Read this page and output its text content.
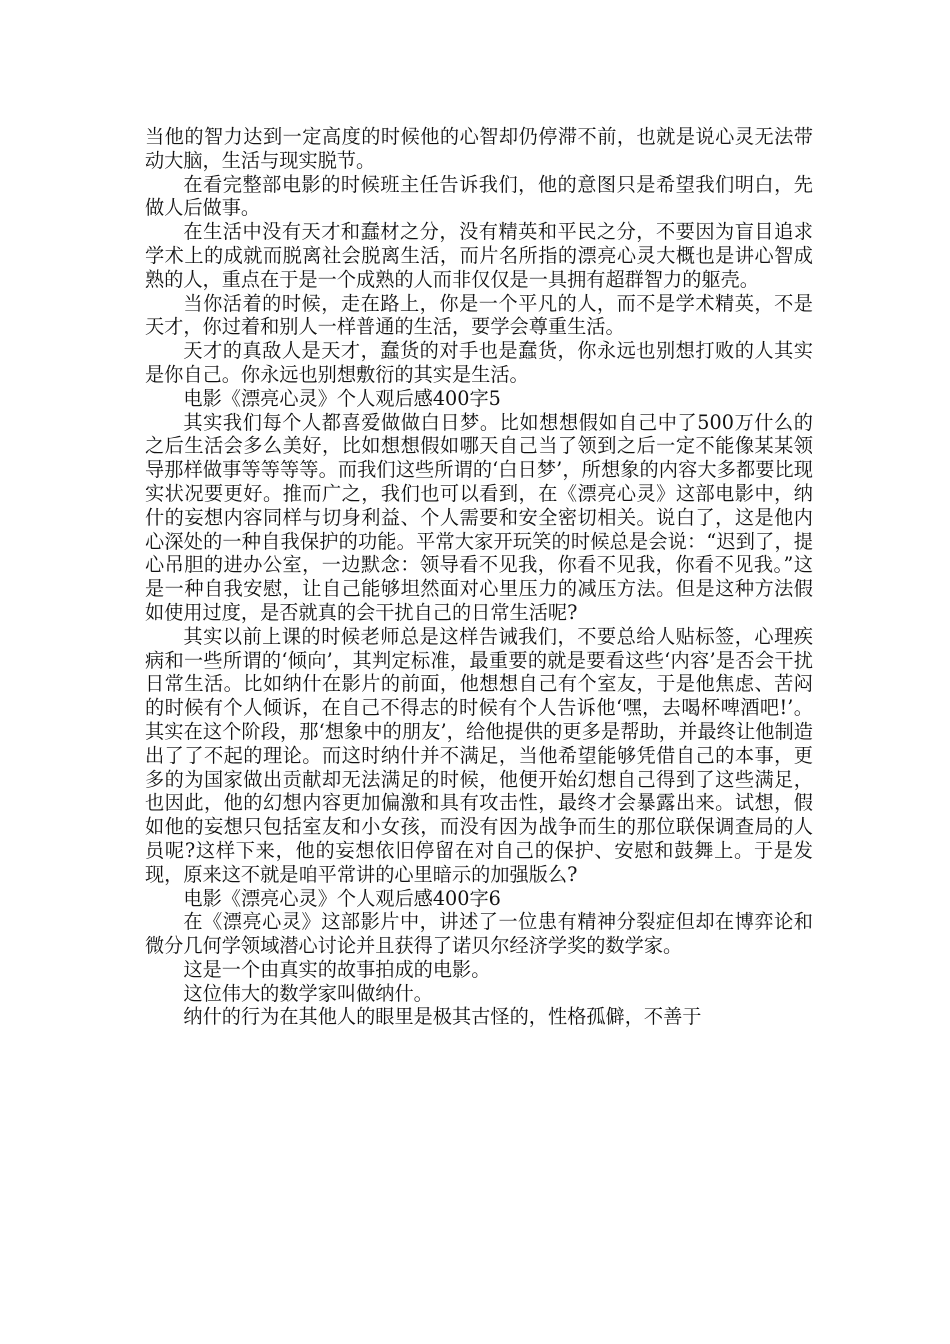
当他的智力达到一定高度的时候他的心智却仍停滞不前，也就是说心灵无法带动大脑，生活与现实脱节。

在看完整部电影的时候班主任告诉我们，他的意图只是希望我们明白，先做人后做事。

在生活中没有天才和蠢材之分，没有精英和平民之分，不要因为盲目追求学术上的成就而脱离社会脱离生活，而片名所指的漂亮心灵大概也是讲心智成熟的人，重点在于是一个成熟的人而非仅仅是一具拥有超群智力的躯壳。

当你活着的时候，走在路上，你是一个平凡的人，而不是学术精英，不是天才，你过着和别人一样普通的生活，要学会尊重生活。

天才的真敌人是天才，蠢货的对手也是蠢货，你永远也别想打败的人其实是你自己。你永远也别想敷衍的其实是生活。

电影《漂亮心灵》个人观后感400字5

其实我们每个人都喜爱做做白日梦。比如想想假如自己中了500万什么的之后生活会多么美好，比如想想假如哪天自己当了领到之后一定不能像某某领导那样做事等等等等。而我们这些所谓的‘白日梦’，所想象的内容大多都要比现实状况要更好。推而广之，我们也可以看到，在《漂亮心灵》这部电影中，纳什的妄想内容同样与切身利益、个人需要和安全密切相关。说白了，这是他内心深处的一种自我保护的功能。平常大家开玩笑的时候总是会说：“迟到了，提心吊胆的进办公室，一边默念：领导看不见我，你看不见我，你看不见我。”这是一种自我安慰，让自己能够坦然面对心里压力的减压方法。但是这种方法假如使用过度，是否就真的会干扰自己的日常生活呢?

其实以前上课的时候老师总是这样告诫我们，不要总给人贴标签，心理疾病和一些所谓的‘倾向’，其判定标准，最重要的就是要看这些‘内容’是否会干扰日常生活。比如纳什在影片的前面，他想想自己有个室友，于是他焦虑、苦闷的时候有个人倾诉，在自己不得志的时候有个人告诉他‘嘿，去喝杯啤酒吧!’。其实在这个阶段，那‘想象中的朋友’，给他提供的更多是帮助，并最终让他制造出了了不起的理论。而这时纳什并不满足，当他希望能够凭借自己的本事，更多的为国家做出贡献却无法满足的时候，他便开始幻想自己得到了这些满足，也因此，他的幻想内容更加偏激和具有攻击性，最终才会暴露出来。试想，假如他的妄想只包括室友和小女孩，而没有因为战争而生的那位联保调查局的人员呢?这样下来，他的妄想依旧停留在对自己的保护、安慰和鼓舞上。于是发现，原来这不就是咱平常讲的心里暗示的加强版么?

电影《漂亮心灵》个人观后感400字6

在《漂亮心灵》这部影片中，讲述了一位患有精神分裂症但却在博弈论和微分几何学领域潜心讨论并且获得了诺贝尔经济学奖的数学家。

这是一个由真实的故事拍成的电影。

这位伟大的数学家叫做纳什。

纳什的行为在其他人的眼里是极其古怪的，性格孤僻，不善于
